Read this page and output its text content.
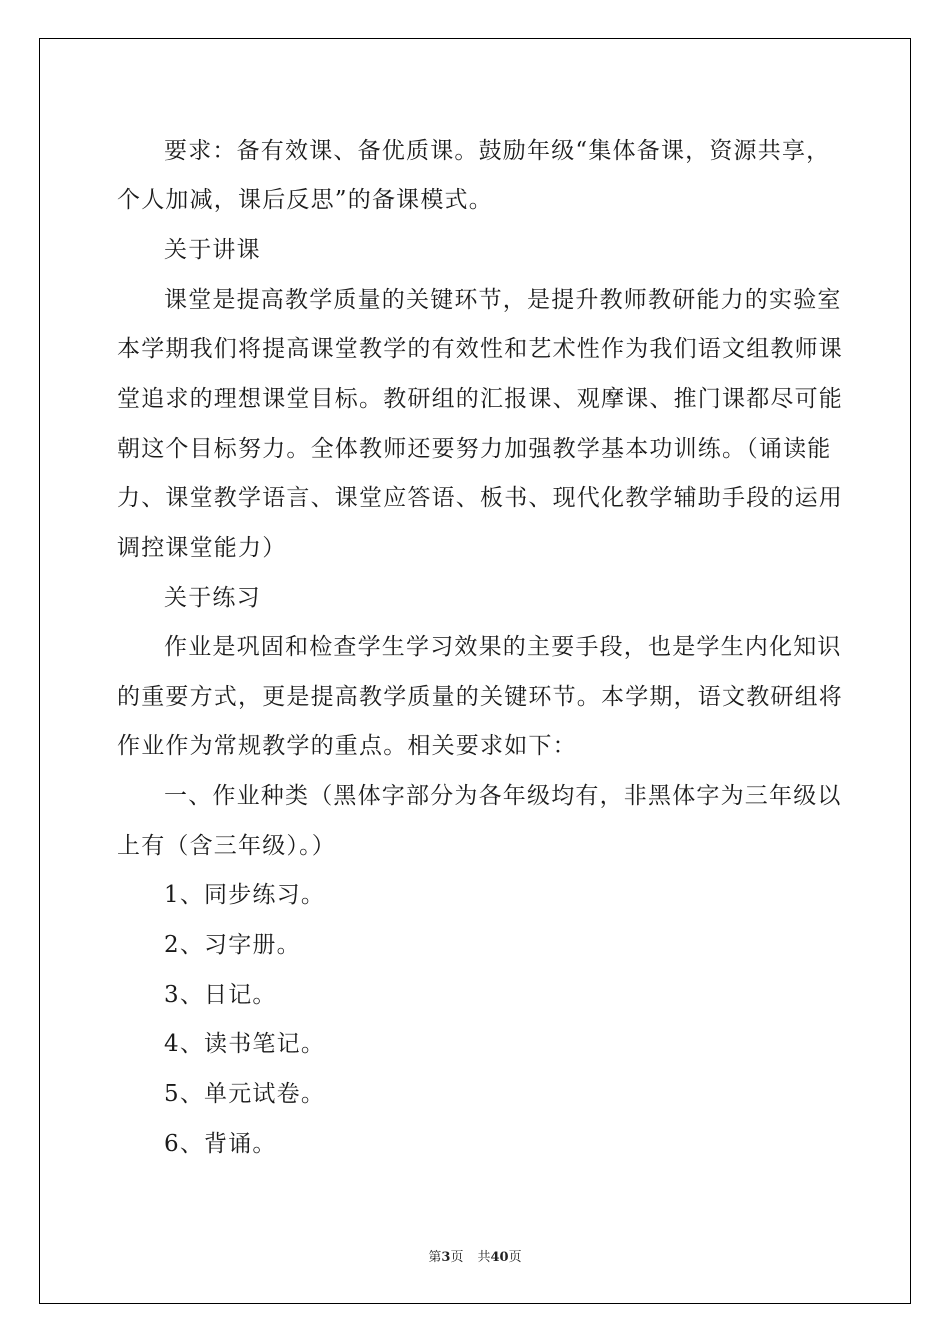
要求：备有效课、备优质课。鼓励年级“集体备课，资源共享，
个人加减，课后反思”的备课模式。
关于讲课
课堂是提高教学质量的关键环节，是提升教师教研能力的实验室
本学期我们将提高课堂教学的有效性和艺术性作为我们语文组教师课
堂追求的理想课堂目标。教研组的汇报课、观摩课、推门课都尽可能
朝这个目标努力。全体教师还要努力加强教学基本功训练。（诵读能
力、课堂教学语言、课堂应答语、板书、现代化教学辅助手段的运用
调控课堂能力）
关于练习
作业是巩固和检查学生学习效果的主要手段，也是学生内化知识
的重要方式，更是提高教学质量的关键环节。本学期，语文教研组将
作业作为常规教学的重点。相关要求如下：
一、作业种类（黑体字部分为各年级均有，非黑体字为三年级以
上有（含三年级）。）
1、同步练习。
2、习字册。
3、日记。
4、读书笔记。
5、单元试卷。
6、背诵。
第3页 共40页
